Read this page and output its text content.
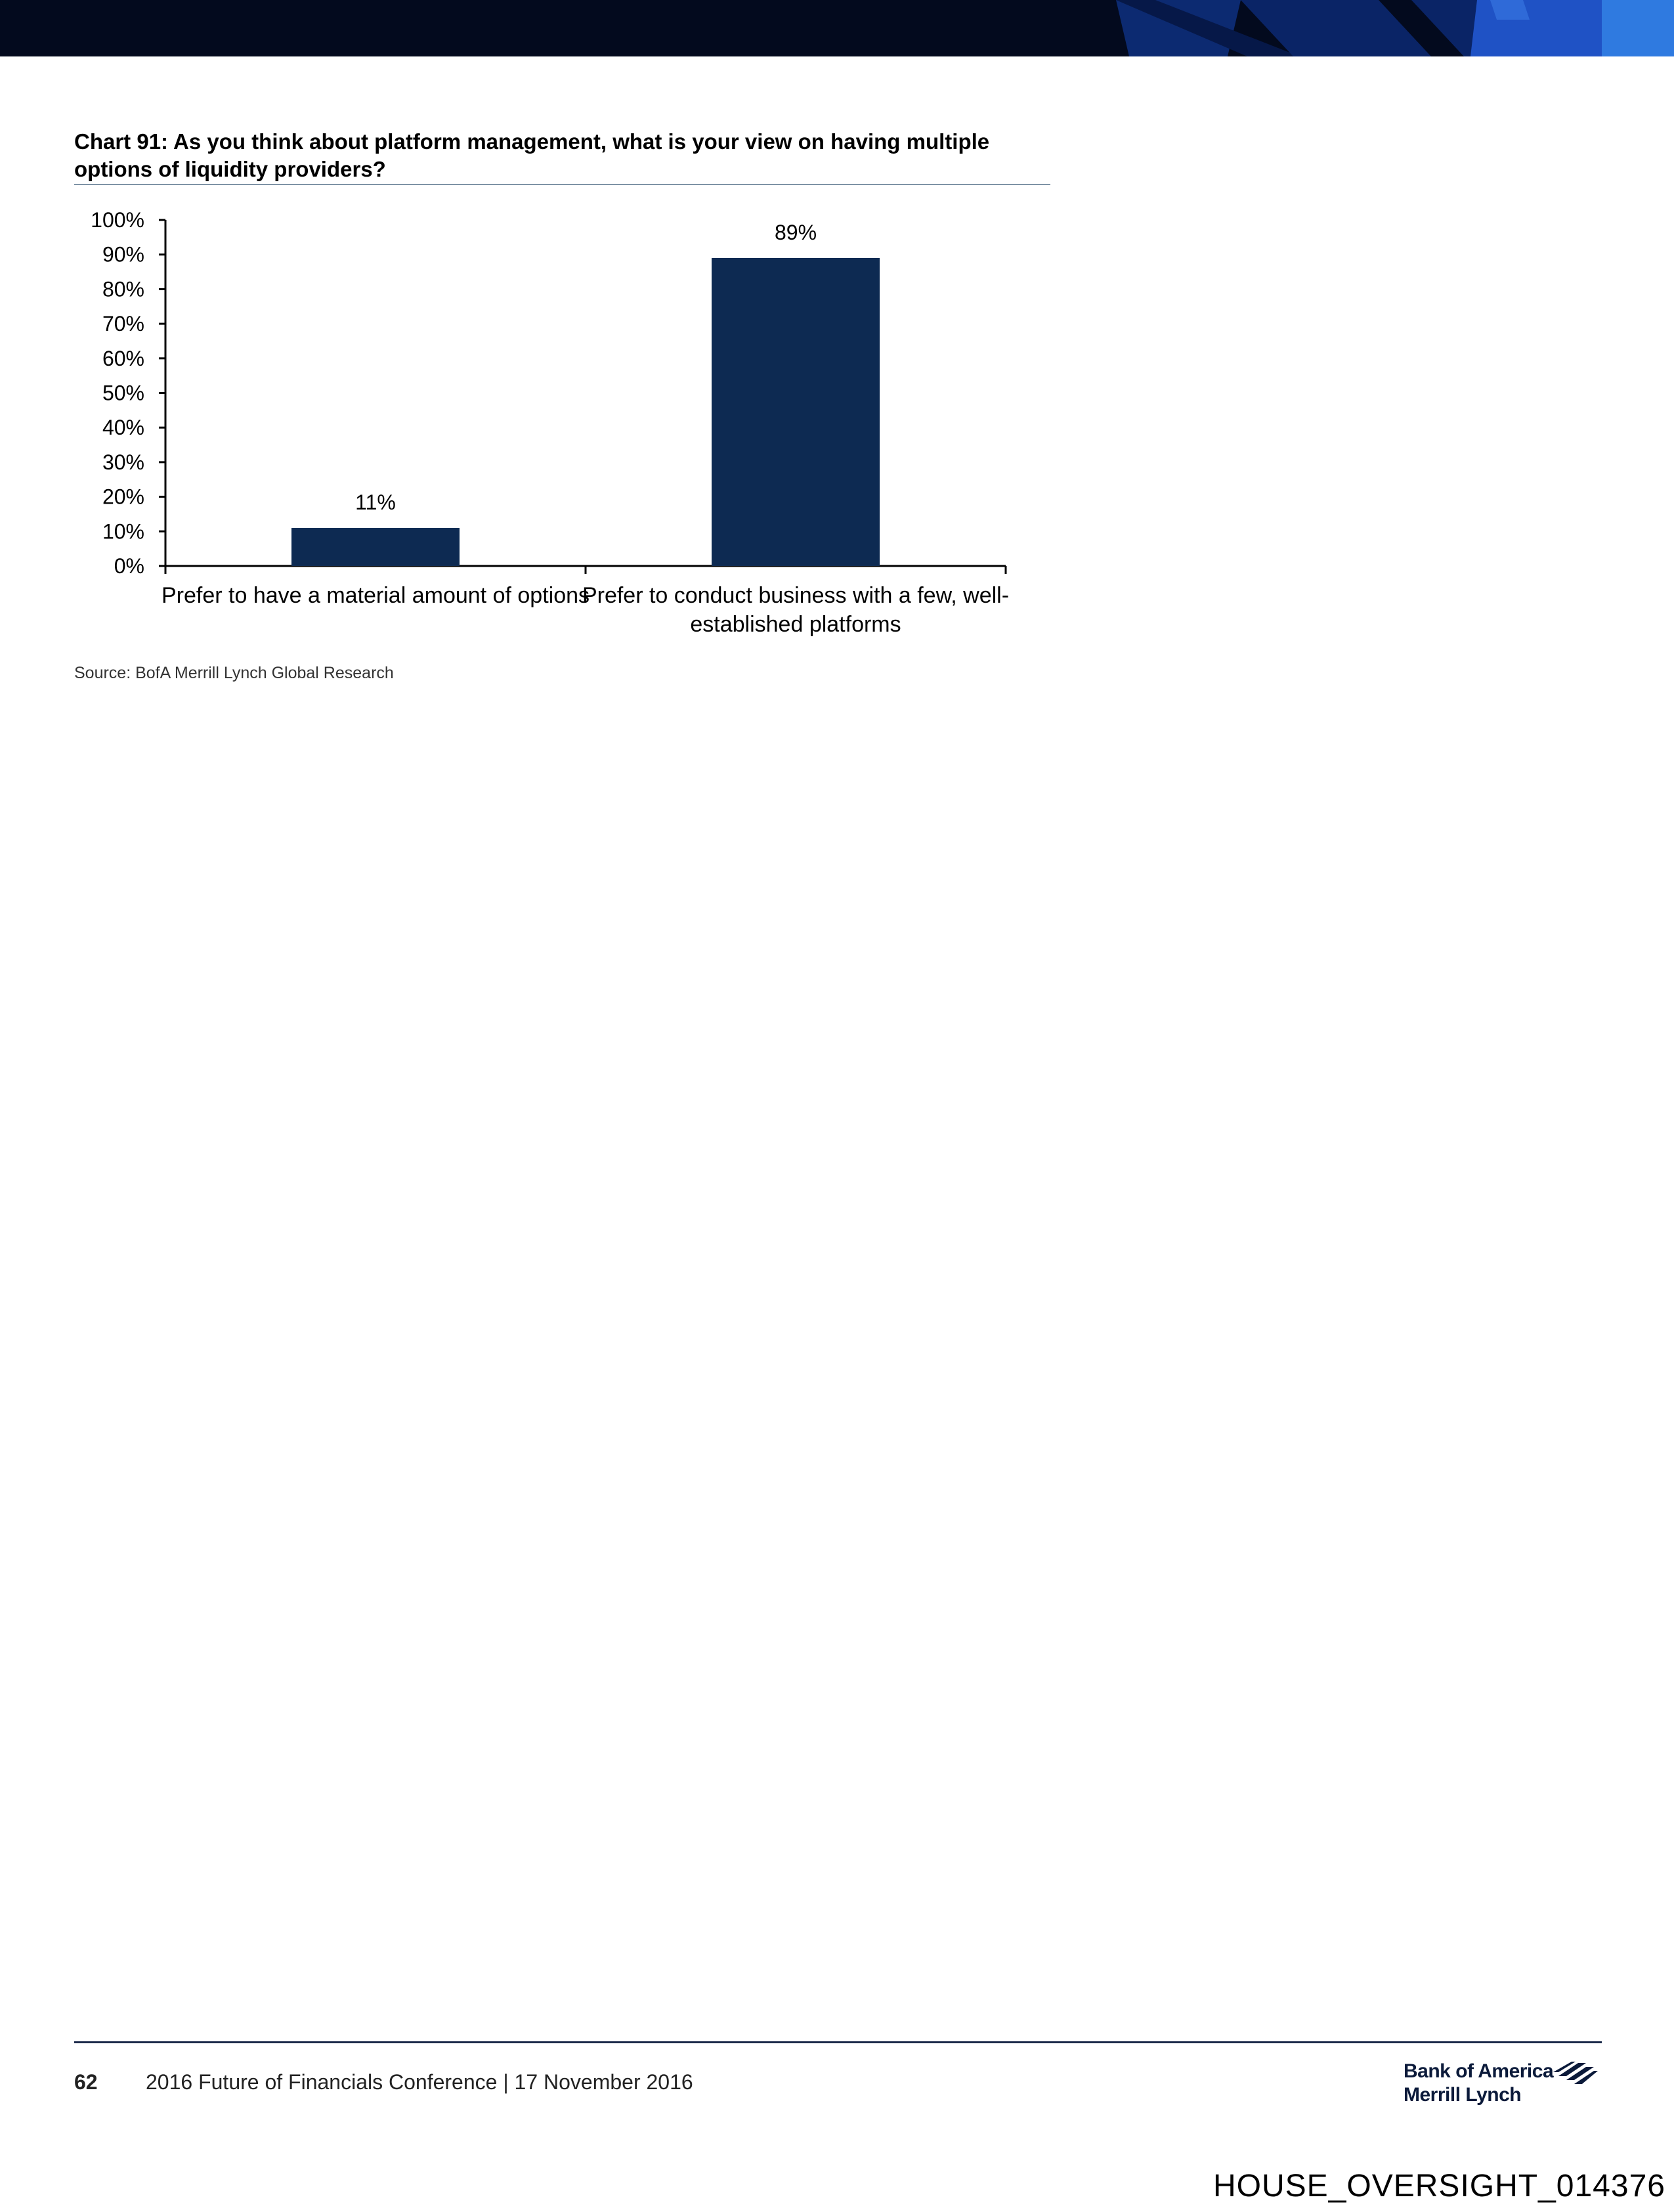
Chart 91: As you think about platform management, what is your view on having multiple options of liquidity providers?
0%
10%
20%
30%
40%
50%
60%
70%
80%
90%
100%
11%
Prefer to have a material amount of options
89%
Prefer to conduct business with a few, well-
established platforms
Source: BofA Merrill Lynch Global Research
62 2016 Future of Financials Conference | 17 November 2016	Bank of America
Merrill Lynch
HOUSE_OVERSIGHT_014376
